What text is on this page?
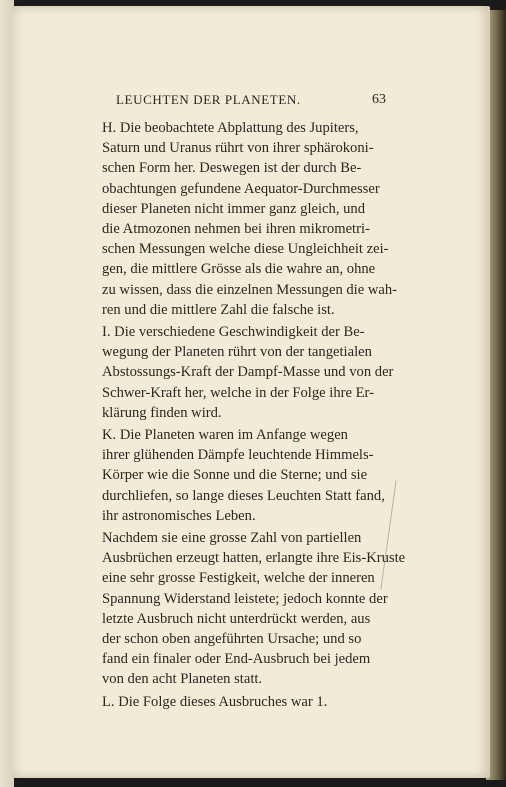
LEUCHTEN DER PLANETEN.	63
H. Die beobachtete Abplattung des Jupiters,
Saturn und Uranus rührt von ihrer sphärokoni-
schen Form her. Deswegen ist der durch Be-
obachtungen gefundene Aequator-Durchmesser
dieser Planeten nicht immer ganz gleich, und
die Atmozonen nehmen bei ihren mikrometri-
schen Messungen welche diese Ungleichheit zei-
gen, die mittlere Grösse als die wahre an, ohne
zu wissen, dass die einzelnen Messungen die wah-
ren und die mittlere Zahl die falsche ist.
I. Die verschiedene Geschwindigkeit der Be-
wegung der Planeten rührt von der tangetialen
Abstossungs-Kraft der Dampf-Masse und von der
Schwer-Kraft her, welche in der Folge ihre Er-
klärung finden wird.
K. Die Planeten waren im Anfange wegen
ihrer glühenden Dämpfe leuchtende Himmels-
Körper wie die Sonne und die Sterne; und sie
durchliefen, so lange dieses Leuchten Statt fand,
ihr astronomisches Leben.
Nachdem sie eine grosse Zahl von partiellen
Ausbrüchen erzeugt hatten, erlangte ihre Eis-Kruste
eine sehr grosse Festigkeit, welche der inneren
Spannung Widerstand leistete; jedoch konnte der
letzte Ausbruch nicht unterdrückt werden, aus
der schon oben angeführten Ursache; und so
fand ein finaler oder End-Ausbruch bei jedem
von den acht Planeten statt.
L. Die Folge dieses Ausbruches war 1.
